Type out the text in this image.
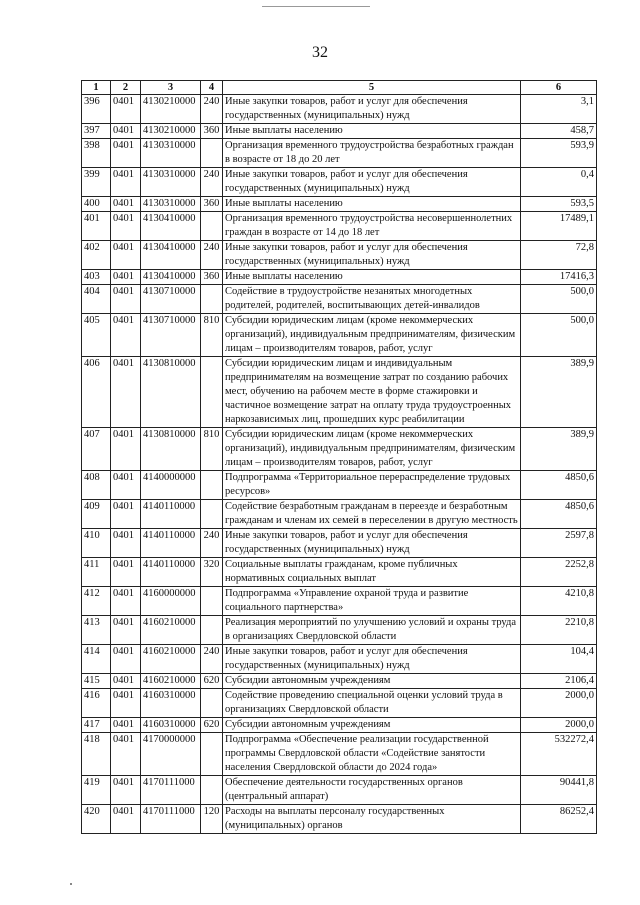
32
1	2	3	4	5	6
396	0401	4130210000	240	Иные закупки товаров, работ и услуг для обеспечения государственных (муниципальных) нужд	3,1
397	0401	4130210000	360	Иные выплаты населению	458,7
398	0401	4130310000		Организация временного трудоустройства безработных граждан в возрасте от 18 до 20 лет	593,9
399	0401	4130310000	240	Иные закупки товаров, работ и услуг для обеспечения государственных (муниципальных) нужд	0,4
400	0401	4130310000	360	Иные выплаты населению	593,5
401	0401	4130410000		Организация временного трудоустройства несовершеннолетних граждан в возрасте от 14 до 18 лет	17489,1
402	0401	4130410000	240	Иные закупки товаров, работ и услуг для обеспечения государственных (муниципальных) нужд	72,8
403	0401	4130410000	360	Иные выплаты населению	17416,3
404	0401	4130710000		Содействие в трудоустройстве незанятых многодетных родителей, родителей, воспитывающих детей-инвалидов	500,0
405	0401	4130710000	810	Субсидии юридическим лицам (кроме некоммерческих организаций), индивидуальным предпринимателям, физическим лицам – производителям товаров, работ, услуг	500,0
406	0401	4130810000		Субсидии юридическим лицам и индивидуальным предпринимателям на возмещение затрат по созданию рабочих мест, обучению на рабочем месте в форме стажировки и частичное возмещение затрат на оплату труда трудоустроенных наркозависимых лиц, прошедших курс реабилитации	389,9
407	0401	4130810000	810	Субсидии юридическим лицам (кроме некоммерческих организаций), индивидуальным предпринимателям, физическим лицам – производителям товаров, работ, услуг	389,9
408	0401	4140000000		Подпрограмма «Территориальное перераспределение трудовых ресурсов»	4850,6
409	0401	4140110000		Содействие безработным гражданам в переезде и безработным гражданам и членам их семей в переселении в другую местность	4850,6
410	0401	4140110000	240	Иные закупки товаров, работ и услуг для обеспечения государственных (муниципальных) нужд	2597,8
411	0401	4140110000	320	Социальные выплаты гражданам, кроме публичных нормативных социальных выплат	2252,8
412	0401	4160000000		Подпрограмма «Управление охраной труда и развитие социального партнерства»	4210,8
413	0401	4160210000		Реализация мероприятий по улучшению условий и охраны труда в организациях Свердловской области	2210,8
414	0401	4160210000	240	Иные закупки товаров, работ и услуг для обеспечения государственных (муниципальных) нужд	104,4
415	0401	4160210000	620	Субсидии автономным учреждениям	2106,4
416	0401	4160310000		Содействие проведению специальной оценки условий труда в организациях Свердловской области	2000,0
417	0401	4160310000	620	Субсидии автономным учреждениям	2000,0
418	0401	4170000000		Подпрограмма «Обеспечение реализации государственной программы Свердловской области «Содействие занятости населения Свердловской области до 2024 года»	532272,4
419	0401	4170111000		Обеспечение деятельности государственных органов (центральный аппарат)	90441,8
420	0401	4170111000	120	Расходы на выплаты персоналу государственных (муниципальных) органов	86252,4
